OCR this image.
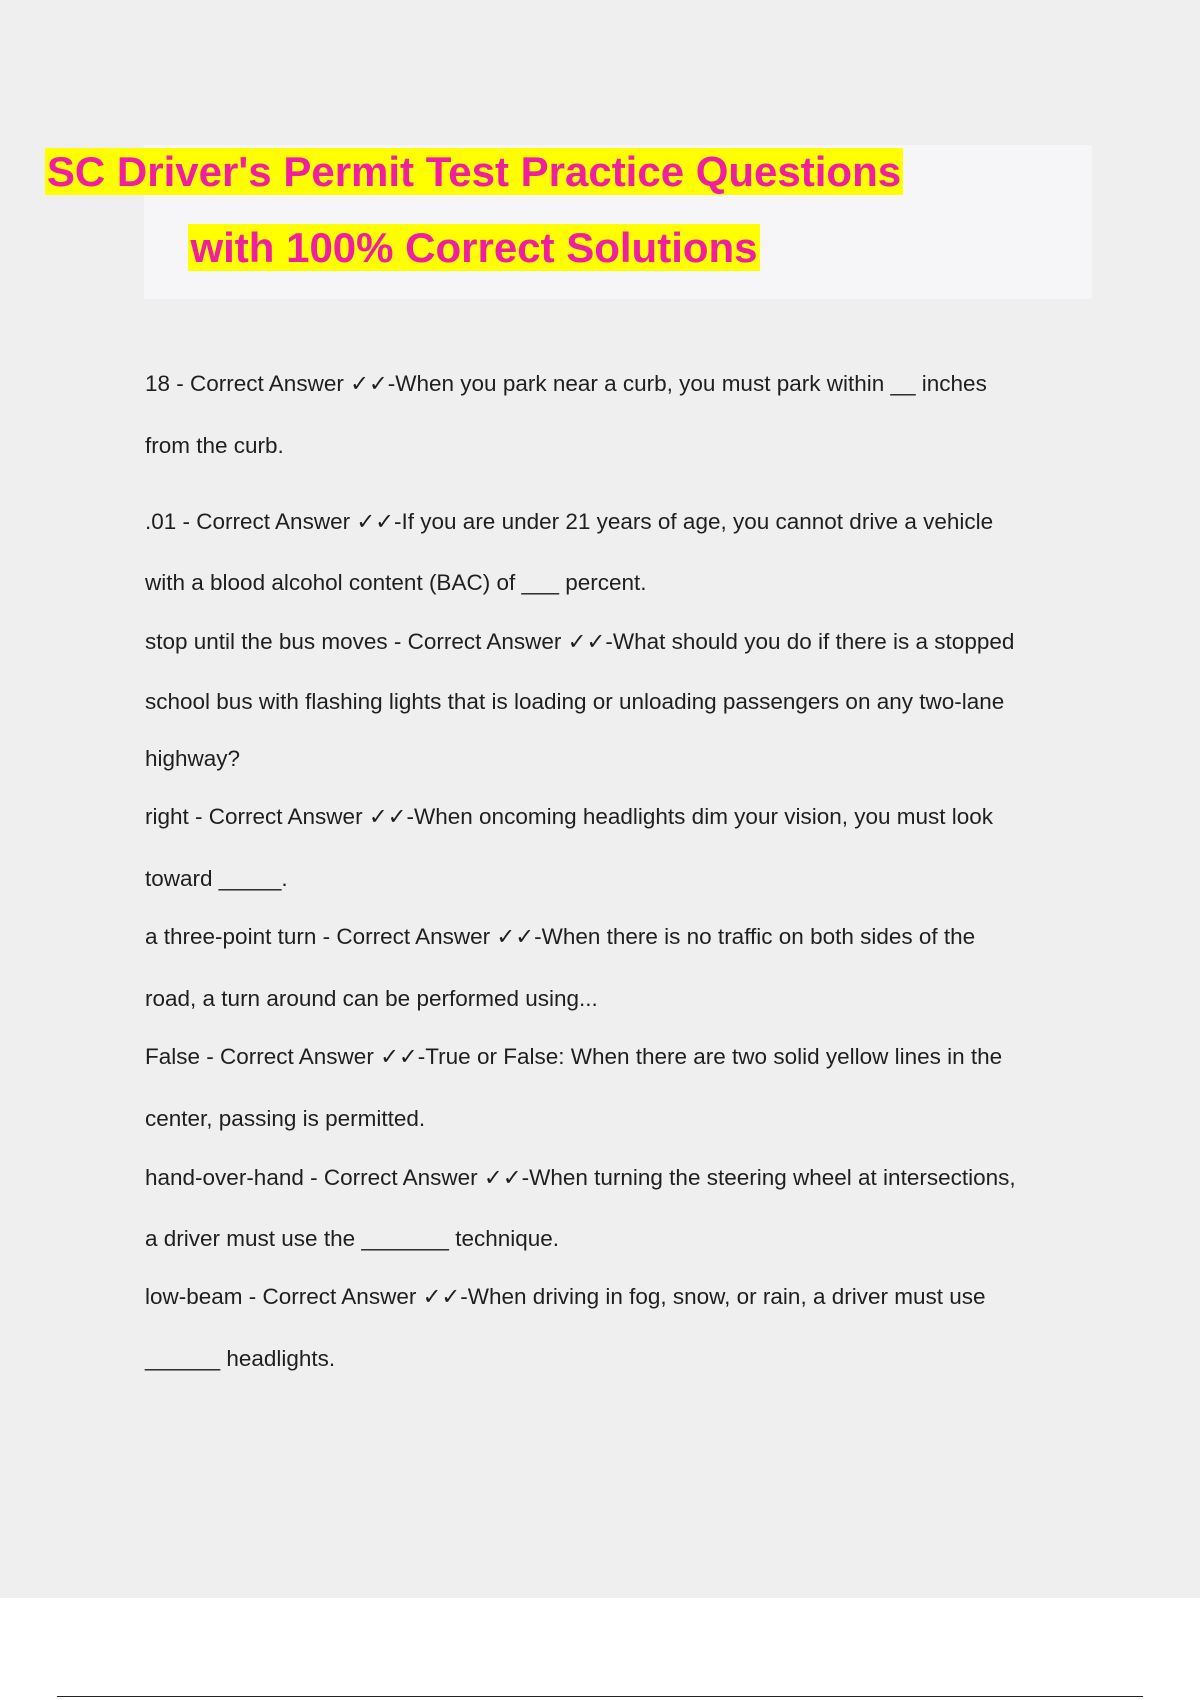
SC Driver's Permit Test Practice Questions
with 100% Correct Solutions

18 - Correct Answer ✓✓-When you park near a curb, you must park within __ inches

from the curb.

.01 - Correct Answer ✓✓-If you are under 21 years of age, you cannot drive a vehicle

with a blood alcohol content (BAC) of ___ percent.

stop until the bus moves - Correct Answer ✓✓-What should you do if there is a stopped

school bus with flashing lights that is loading or unloading passengers on any two-lane

highway?

right - Correct Answer ✓✓-When oncoming headlights dim your vision, you must look

toward _____.

a three-point turn - Correct Answer ✓✓-When there is no traffic on both sides of the

road, a turn around can be performed using...

False - Correct Answer ✓✓-True or False: When there are two solid yellow lines in the

center, passing is permitted.

hand-over-hand - Correct Answer ✓✓-When turning the steering wheel at intersections,

a driver must use the _______ technique.

low-beam - Correct Answer ✓✓-When driving in fog, snow, or rain, a driver must use

______ headlights.
